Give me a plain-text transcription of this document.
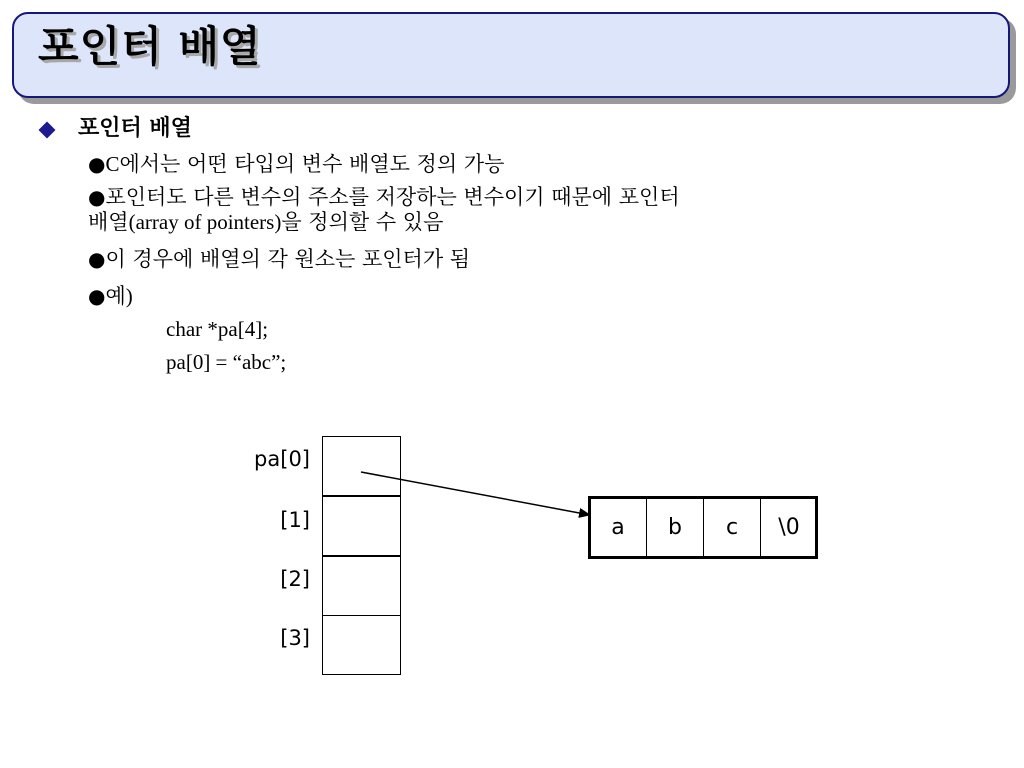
포인터 배열
포인터 배열
●C에서는 어떤 타입의 변수 배열도 정의 가능
●포인터도 다른 변수의 주소를 저장하는 변수이기 때문에 포인터
배열(array of pointers)을 정의할 수 있음
●이 경우에 배열의 각 원소는 포인터가 됨
●예)
char *pa[4];
pa[0] = “abc”;
pa[0]
[1]
[2]
[3]
a	b	c	\0
